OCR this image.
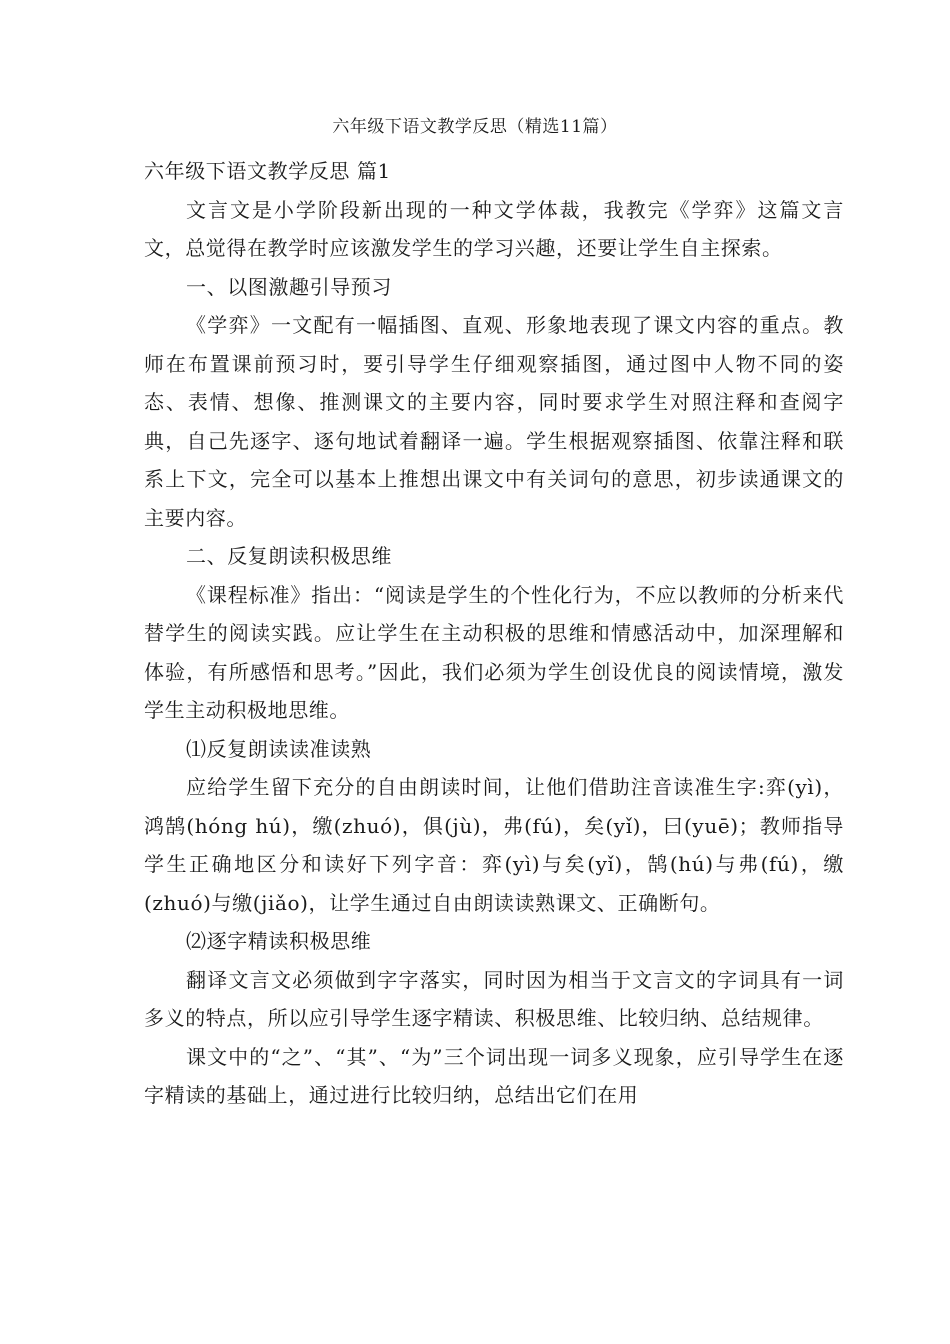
六年级下语文教学反思（精选11篇）
六年级下语文教学反思 篇1

文言文是小学阶段新出现的一种文学体裁，我教完《学弈》这篇文言文，总觉得在教学时应该激发学生的学习兴趣，还要让学生自主探索。

一、以图激趣引导预习

《学弈》一文配有一幅插图、直观、形象地表现了课文内容的重点。教师在布置课前预习时，要引导学生仔细观察插图，通过图中人物不同的姿态、表情、想像、推测课文的主要内容，同时要求学生对照注释和查阅字典，自己先逐字、逐句地试着翻译一遍。学生根据观察插图、依靠注释和联系上下文，完全可以基本上推想出课文中有关词句的意思，初步读通课文的主要内容。

二、反复朗读积极思维

《课程标准》指出：“阅读是学生的个性化行为，不应以教师的分析来代替学生的阅读实践。应让学生在主动积极的思维和情感活动中，加深理解和体验，有所感悟和思考。”因此，我们必须为学生创设优良的阅读情境，激发学生主动积极地思维。

⑴反复朗读读准读熟

应给学生留下充分的自由朗读时间，让他们借助注音读准生字:弈(yì)，鸿鹄(hóng hú)，缴(zhuó)，俱(jù)，弗(fú)，矣(yǐ)，曰(yuē)；教师指导学生正确地区分和读好下列字音：弈(yì)与矣(yǐ)，鹄(hú)与弗(fú)，缴(zhuó)与缴(jiǎo)，让学生通过自由朗读读熟课文、正确断句。

⑵逐字精读积极思维

翻译文言文必须做到字字落实，同时因为相当于文言文的字词具有一词多义的特点，所以应引导学生逐字精读、积极思维、比较归纳、总结规律。

课文中的“之”、“其”、“为”三个词出现一词多义现象，应引导学生在逐字精读的基础上，通过进行比较归纳，总结出它们在用
